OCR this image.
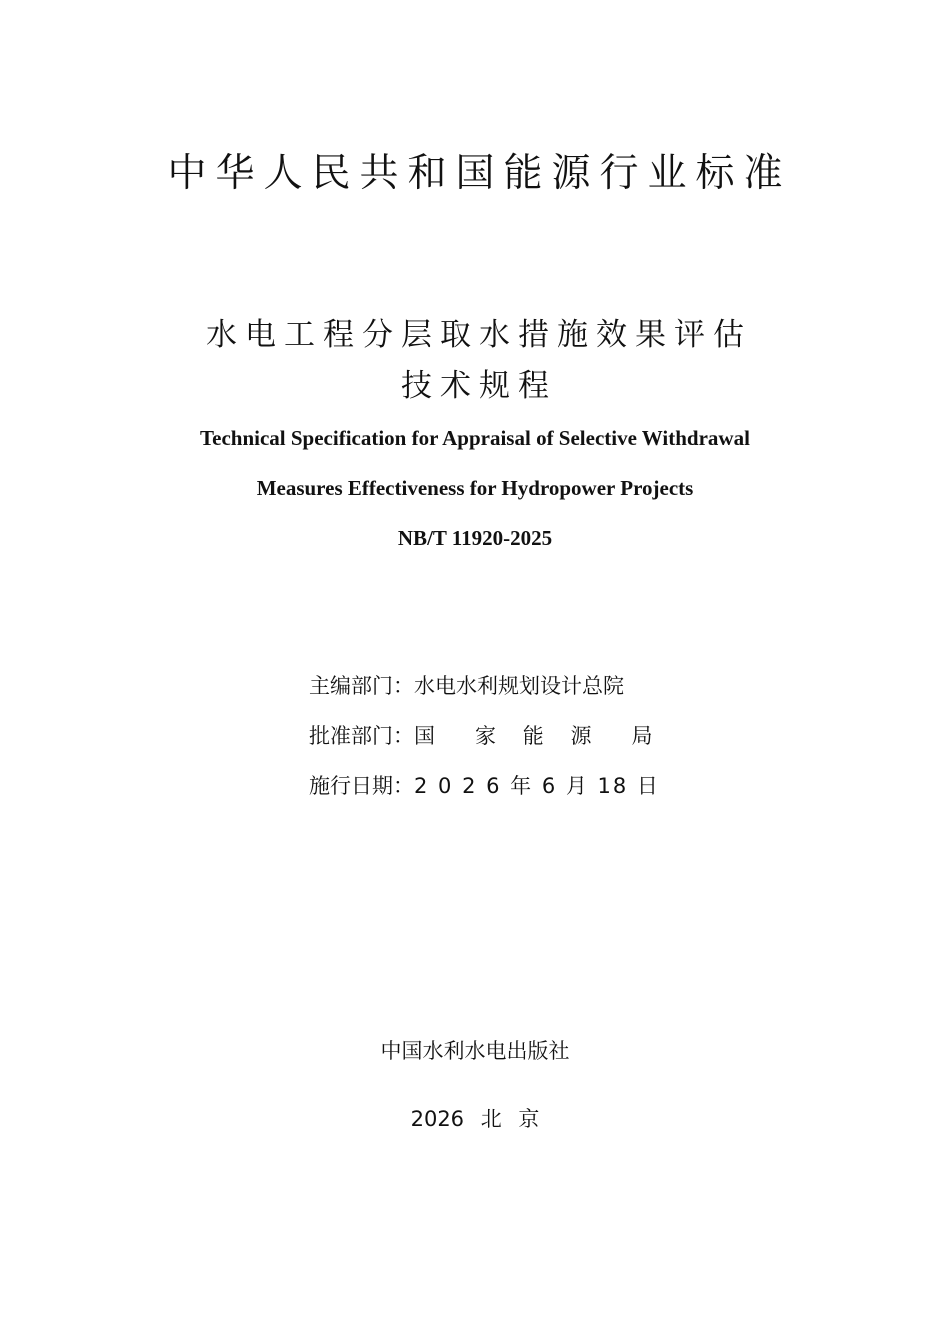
中华人民共和国能源行业标准
水电工程分层取水措施效果评估
技术规程
Technical Specification for Appraisal of Selective Withdrawal
Measures Effectiveness for Hydropower Projects
NB/T 11920-2025
主编部门：水电水利规划设计总院
批准部门：国      家    能    源      局
施行日期：2 0 2 6 年 6 月 18 日
中国水利水电出版社
2026 北 京
